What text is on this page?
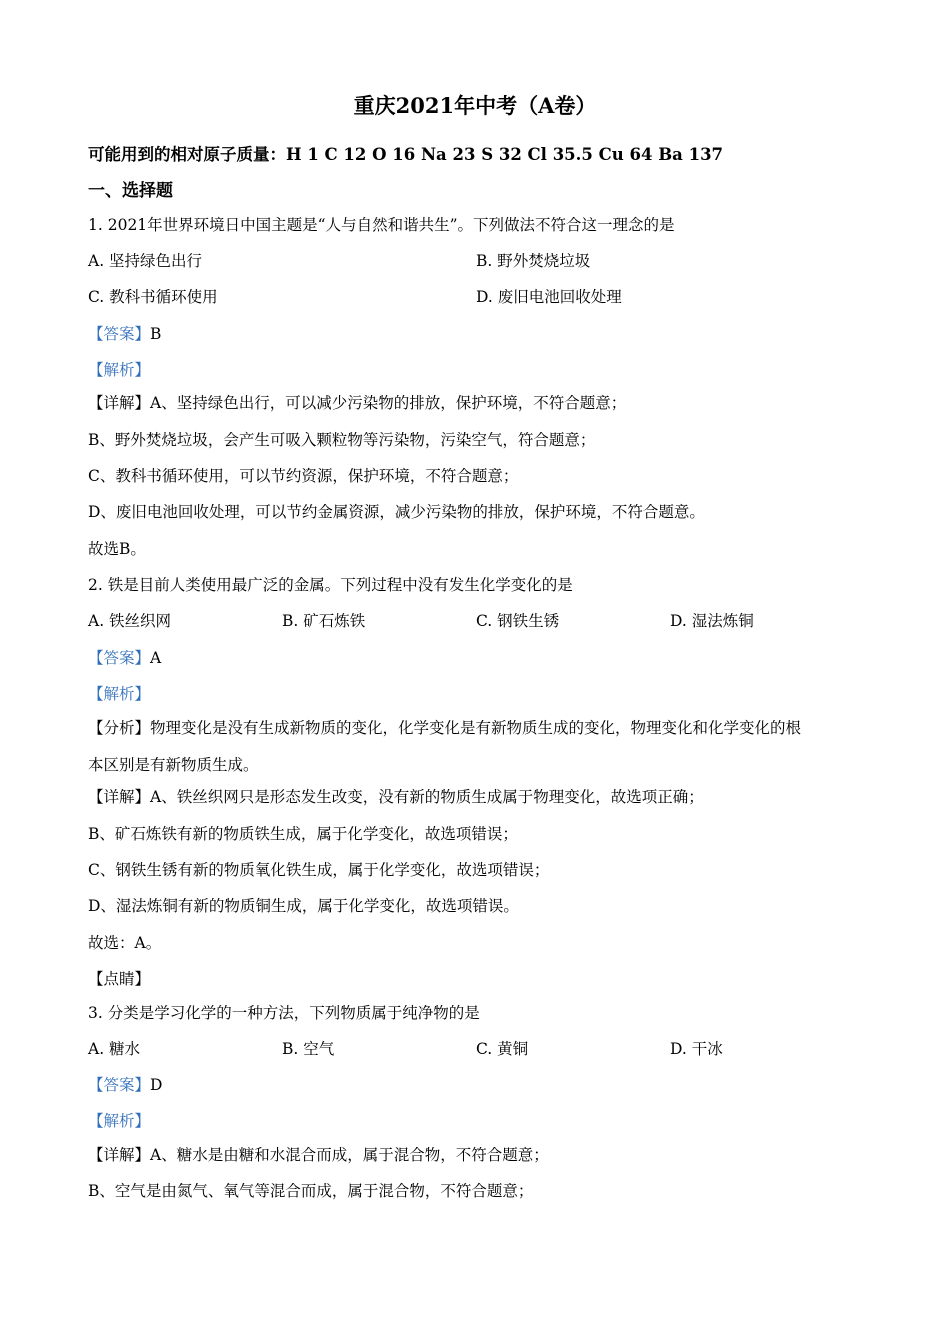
重庆2021年中考（A卷）
可能用到的相对原子质量：H 1 C 12 O 16 Na 23 S 32 Cl 35.5 Cu 64 Ba 137
一、选择题
1. 2021年世界环境日中国主题是“人与自然和谐共生”。下列做法不符合这一理念的是
A. 坚持绿色出行	B. 野外焚烧垃圾
C. 教科书循环使用	D. 废旧电池回收处理
【答案】B
【解析】
【详解】A、坚持绿色出行，可以减少污染物的排放，保护环境，不符合题意；
B、野外焚烧垃圾，会产生可吸入颗粒物等污染物，污染空气，符合题意；
C、教科书循环使用，可以节约资源，保护环境，不符合题意；
D、废旧电池回收处理，可以节约金属资源，减少污染物的排放，保护环境，不符合题意。
故选B。
2. 铁是目前人类使用最广泛的金属。下列过程中没有发生化学变化的是
A. 铁丝织网	B. 矿石炼铁	C. 钢铁生锈	D. 湿法炼铜
【答案】A
【解析】
【分析】物理变化是没有生成新物质的变化，化学变化是有新物质生成的变化，物理变化和化学变化的根
本区别是有新物质生成。
【详解】A、铁丝织网只是形态发生改变，没有新的物质生成属于物理变化，故选项正确；
B、矿石炼铁有新的物质铁生成，属于化学变化，故选项错误；
C、钢铁生锈有新的物质氧化铁生成，属于化学变化，故选项错误；
D、湿法炼铜有新的物质铜生成，属于化学变化，故选项错误。
故选：A。
【点睛】
3. 分类是学习化学的一种方法，下列物质属于纯净物的是
A. 糖水	B. 空气	C. 黄铜	D. 干冰
【答案】D
【解析】
【详解】A、糖水是由糖和水混合而成，属于混合物，不符合题意；
B、空气是由氮气、氧气等混合而成，属于混合物，不符合题意；
